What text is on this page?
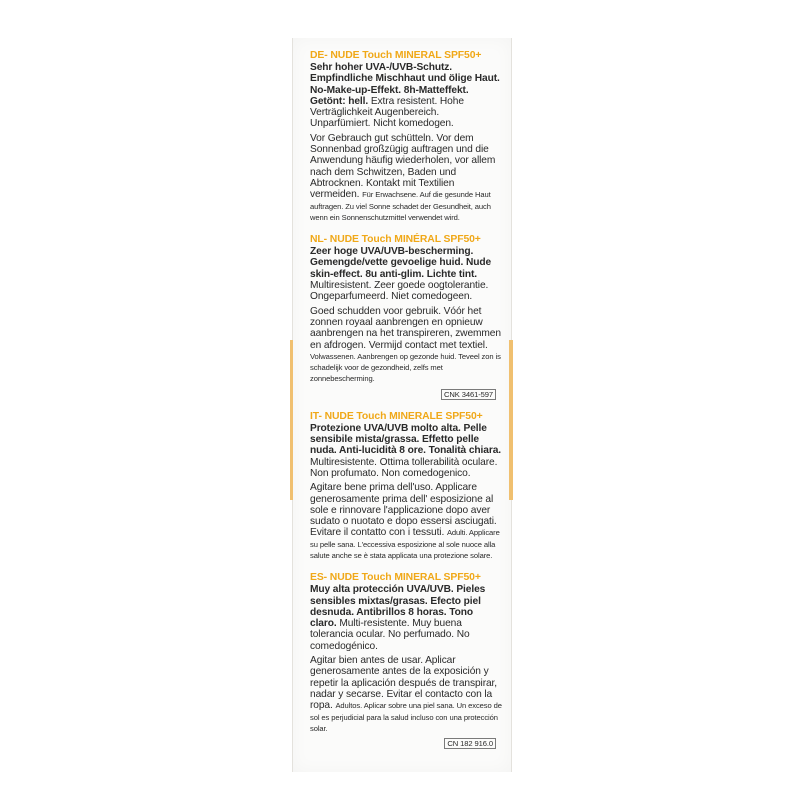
DE- NUDE Touch MINERAL SPF50+

Sehr hoher UVA-/UVB-Schutz. Empfindliche Mischhaut und ölige Haut. No-Make-up-Effekt. 8h-Matteffekt. Getönt: hell. Extra resistent. Hohe Verträglichkeit Augenbereich. Unparfümiert. Nicht komedogen.

Vor Gebrauch gut schütteln. Vor dem Sonnenbad großzügig auftragen und die Anwendung häufig wiederholen, vor allem nach dem Schwitzen, Baden und Abtrocknen. Kontakt mit Textilien vermeiden. Für Erwachsene. Auf die gesunde Haut auftragen. Zu viel Sonne schadet der Gesundheit, auch wenn ein Sonnenschutzmittel verwendet wird.

NL- NUDE Touch MINÉRAL SPF50+

Zeer hoge UVA/UVB-bescherming. Gemengde/vette gevoelige huid. Nude skin-effect. 8u anti-glim. Lichte tint. Multiresistent. Zeer goede oogtolerantie. Ongeparfumeerd. Niet comedogeen.

Goed schudden voor gebruik. Vóór het zonnen royaal aanbrengen en opnieuw aanbrengen na het transpireren, zwemmen en afdrogen. Vermijd contact met textiel. Volwassenen. Aanbrengen op gezonde huid. Teveel zon is schadelijk voor de gezondheid, zelfs met zonnebescherming.

CNK 3461-597
IT- NUDE Touch MINERALE SPF50+

Protezione UVA/UVB molto alta. Pelle sensibile mista/grassa. Effetto pelle nuda. Anti-lucidità 8 ore. Tonalità chiara. Multiresistente. Ottima tollerabilità oculare. Non profumato. Non comedogenico.

Agitare bene prima dell'uso. Applicare generosamente prima dell' esposizione al sole e rinnovare l'applicazione dopo aver sudato o nuotato e dopo essersi asciugati. Evitare il contatto con i tessuti. Adulti. Applicare su pelle sana. L'eccessiva esposizione al sole nuoce alla salute anche se è stata applicata una protezione solare.

ES- NUDE Touch MINERAL SPF50+

Muy alta protección UVA/UVB. Pieles sensibles mixtas/grasas. Efecto piel desnuda. Antibrillos 8 horas. Tono claro. Multi-resistente. Muy buena tolerancia ocular. No perfumado. No comedogénico.

Agitar bien antes de usar. Aplicar generosamente antes de la exposición y repetir la aplicación después de transpirar, nadar y secarse. Evitar el contacto con la ropa. Adultos. Aplicar sobre una piel sana. Un exceso de sol es perjudicial para la salud incluso con una protección solar.

CN 182 916.0
